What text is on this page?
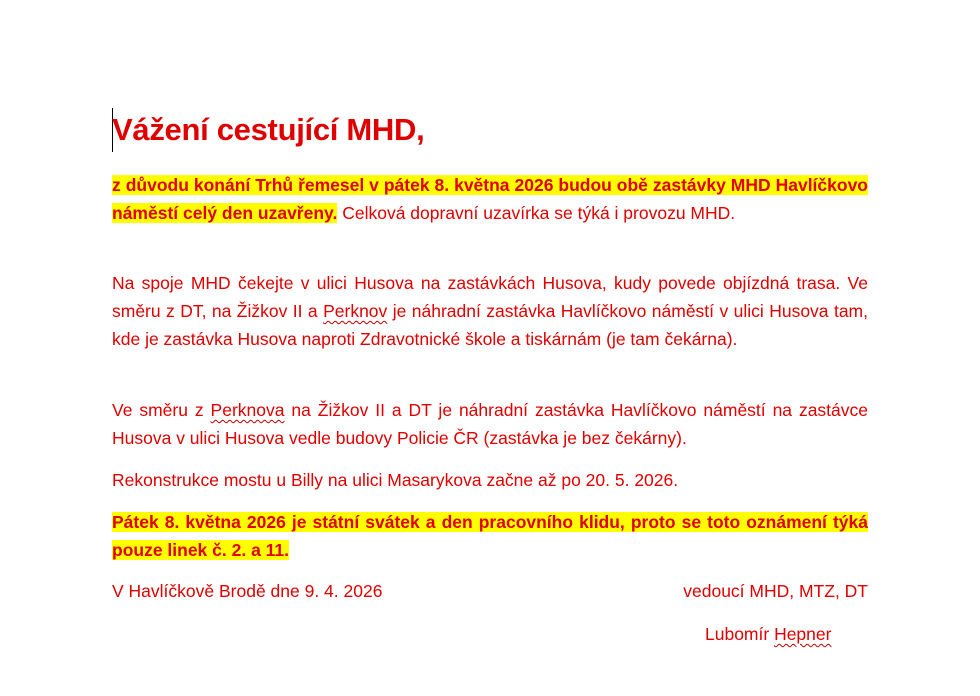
Vážení cestující MHD,

z důvodu konání Trhů řemesel v pátek 8. května 2026 budou obě zastávky MHD Havlíčkovo náměstí celý den uzavřeny. Celková dopravní uzavírka se týká i provozu MHD.

Na spoje MHD čekejte v ulici Husova na zastávkách Husova, kudy povede objízdná trasa. Ve směru z DT, na Žižkov II a Perknov je náhradní zastávka Havlíčkovo náměstí v ulici Husova tam, kde je zastávka Husova naproti Zdravotnické škole a tiskárnám (je tam čekárna).

Ve směru z Perknova na Žižkov II a DT je náhradní zastávka Havlíčkovo náměstí na zastávce Husova v ulici Husova vedle budovy Policie ČR (zastávka je bez čekárny).

Rekonstrukce mostu u Billy na ulici Masarykova začne až po 20. 5. 2026.

Pátek 8. května 2026 je státní svátek a den pracovního klidu, proto se toto oznámení týká pouze linek č. 2. a 11.

V Havlíčkově Brodě dne 9. 4. 2026	vedoucí MHD, MTZ, DT
Lubomír Hepner
